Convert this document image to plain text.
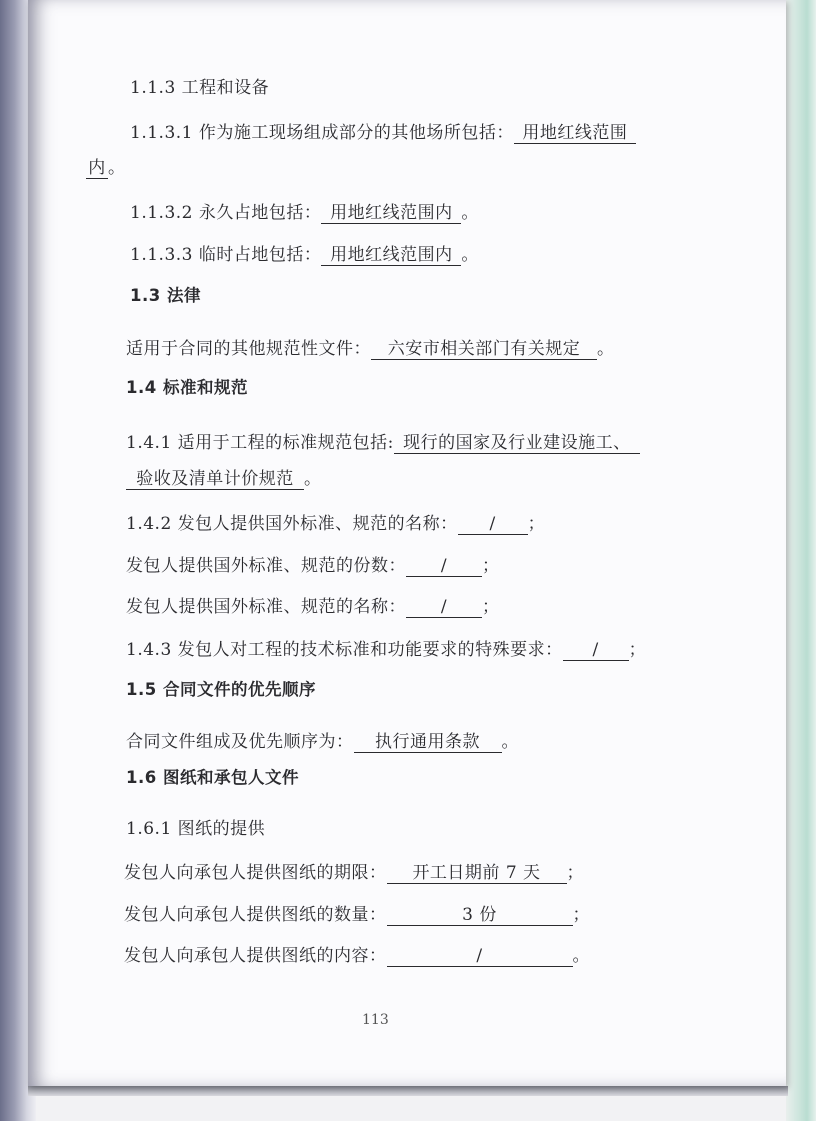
1.1.3 工程和设备
1.1.3.1 作为施工现场组成部分的其他场所包括： 用地红线范围
内 。
1.1.3.2 永久占地包括： 用地红线范围内 。
1.1.3.3 临时占地包括： 用地红线范围内 。
1.3 法律
适用于合同的其他规范性文件： 六安市相关部门有关规定 。
1.4 标准和规范
1.4.1 适用于工程的标准规范包括: 现行的国家及行业建设施工、
验收及清单计价规范 。
1.4.2 发包人提供国外标准、规范的名称： / ；
发包人提供国外标准、规范的份数： / ；
发包人提供国外标准、规范的名称： / ；
1.4.3 发包人对工程的技术标准和功能要求的特殊要求： / ；
1.5 合同文件的优先顺序
合同文件组成及优先顺序为： 执行通用条款 。
1.6 图纸和承包人文件
1.6.1 图纸的提供
发包人向承包人提供图纸的期限： 开工日期前 7 天 ；
发包人向承包人提供图纸的数量：	3 份	；
发包人向承包人提供图纸的内容：	/	。
113
